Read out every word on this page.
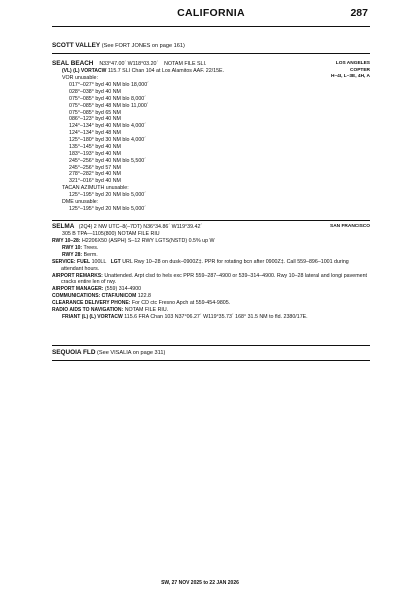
CALIFORNIA	287
SCOTT VALLEY (See FORT JONES on page 161)
LOS ANGELES
COPTER
H–4I, L–3E, 4H, A
SEAL BEACH N33°47.00´ W118°03.20´ NOTAM FILE SLI.
(VL) (L) VORTACW 115.7 SLI Chan 104 at Los Alamitos AAF. 22/15E.
VOR unusable:
017°–027° byd 40 NM blo 18,000´
028°–038° byd 40 NM
075°–085° byd 40 NM blo 8,000´
075°–085° byd 48 NM blo 11,000´
075°–085° byd 65 NM
086°–123° byd 40 NM
124°–134° byd 40 NM blo 4,000´
124°–134° byd 48 NM
125°–180° byd 30 NM blo 4,000´
135°–145° byd 40 NM
183°–193° byd 40 NM
245°–256° byd 40 NM blo 5,500´
245°–256° byd 57 NM
278°–282° byd 40 NM
321°–016° byd 40 NM
TACAN AZIMUTH unusable:
125°–195° byd 20 NM blo 5,000´
DME unusable:
125°–195° byd 20 NM blo 5,000´
SAN FRANCISCO
SELMA (2Q4) 2 NW UTC–8(–7DT) N36°34.86´ W119°39.42´
305 B TPA—1105(800) NOTAM FILE RIU
RWY 10–28: H2206X50 (ASPH) S–12 RWY LGTS(NSTD) 0.5% up W
RWY 10: Trees.
RWY 28: Berm.
SERVICE: FUEL 100LL LGT URL Rwy 10–28 on dusk–0900Z‡. PPR for rotating bcn after 0900Z‡. Call 559–896–1001 during attendant hours.
AIRPORT REMARKS: Unattended. Arpt clsd to hels exc PPR 559–287–4900 or 539–314–4900. Rwy 10–28 lateral and longi pavement cracks entire len of rwy.
AIRPORT MANAGER: (559) 314-4900
COMMUNICATIONS: CTAF/UNICOM 122.8
CLEARANCE DELIVERY PHONE: For CD ctc Fresno Apch at 559-454-9805.
RADIO AIDS TO NAVIGATION: NOTAM FILE RIU.
FRIANT (L) (L) VORTACW 115.6 FRA Chan 103 N37°06.27´ W119°35.73´ 168° 31.5 NM to fld. 2380/17E.
SEQUOIA FLD (See VISALIA on page 311)
SW, 27 NOV 2025 to 22 JAN 2026
